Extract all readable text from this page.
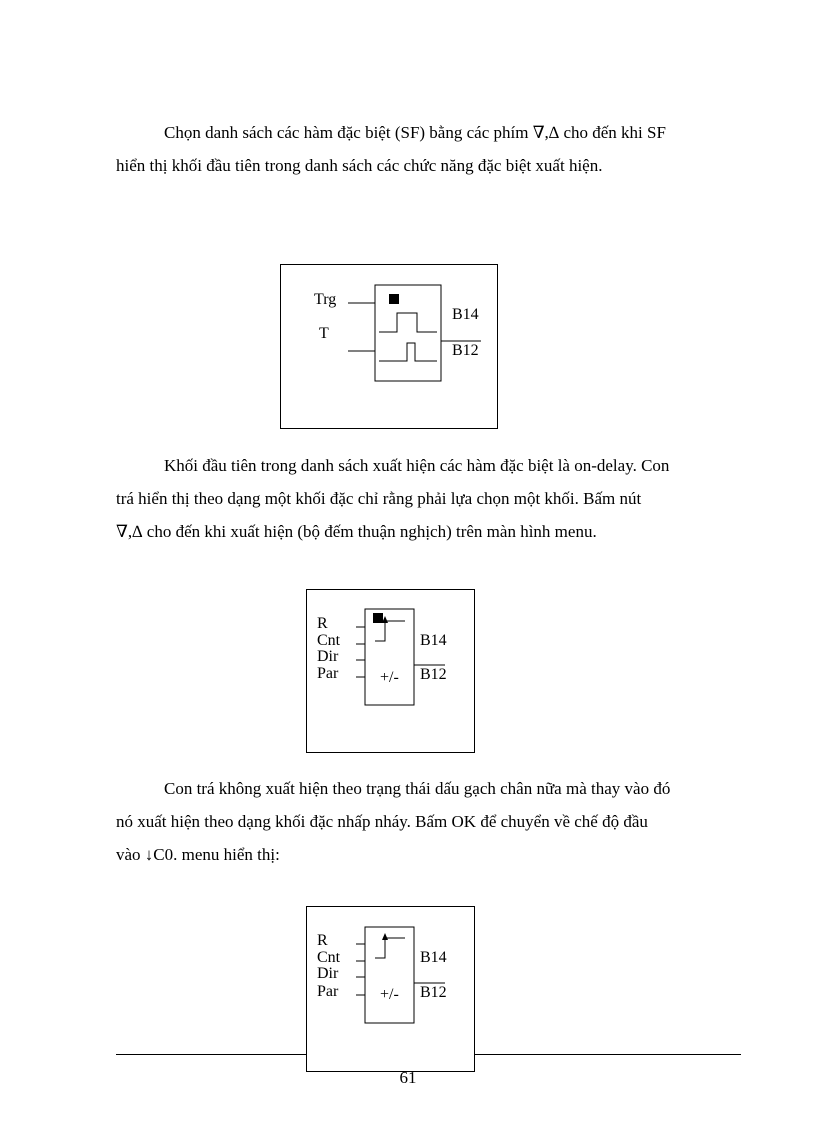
Chọn danh sách các hàm đặc biệt (SF) bằng các phím ∇,∆ cho đến khi SF
hiển thị khối đầu tiên trong danh sách các chức năng đặc biệt xuất hiện.
Trg
T
B14
B12
Khối đầu tiên trong danh sách xuất hiện các hàm đặc biệt là on-delay. Con
trá hiển thị theo dạng một khối đặc chỉ rằng phải lựa chọn một khối. Bấm nút
∇,∆ cho đến khi xuất hiện (bộ đếm thuận nghịch) trên màn hình menu.
R
Cnt
Dir
Par	+/-
B14
B12
Con trá không xuất hiện theo trạng thái dấu gạch chân nữa mà thay vào đó
nó xuất hiện theo dạng khối đặc nhấp nháy. Bấm OK để chuyển về chế độ đầu
vào ↓C0. menu hiển thị:
R
Cnt
Dir
Par	+/-
B14
B12
61
